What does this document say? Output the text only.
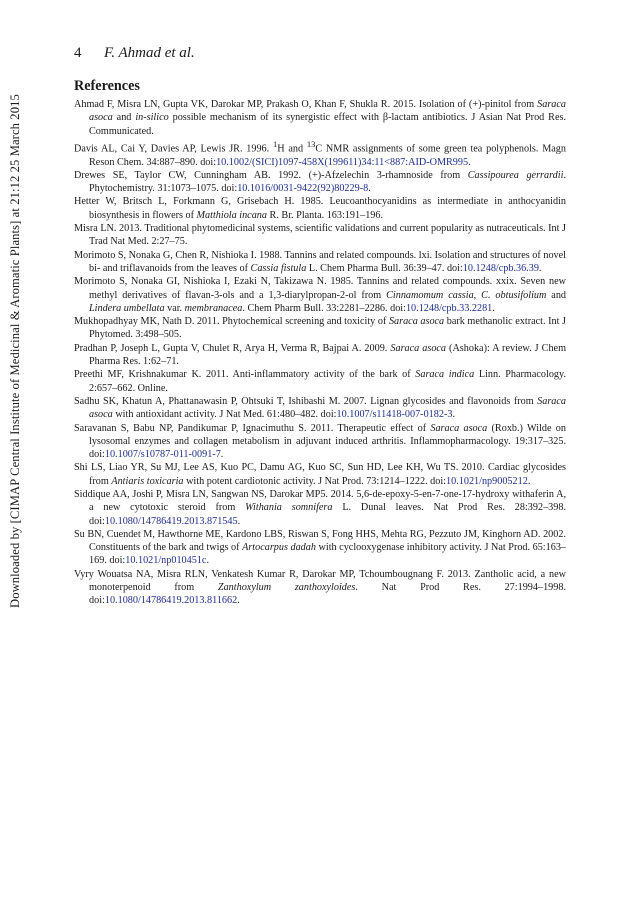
Downloaded by [CIMAP Central Institute of Medicinal & Aromatic Plants] at 21:12 25 March 2015
4 F. Ahmad et al.
References
Ahmad F, Misra LN, Gupta VK, Darokar MP, Prakash O, Khan F, Shukla R. 2015. Isolation of (+)-pinitol from Saraca asoca and in-silico possible mechanism of its synergistic effect with β-lactam antibiotics. J Asian Nat Prod Res. Communicated.
Davis AL, Cai Y, Davies AP, Lewis JR. 1996. $^1$H and $^{13}$C NMR assignments of some green tea polyphenols. Magn Reson Chem. 34:887–890. doi:10.1002/(SICI)1097-458X(199611)34:11<887:AID-OMR995.
Drewes SE, Taylor CW, Cunningham AB. 1992. (+)-Afzelechin 3-rhamnoside from Cassipourea gerrardii. Phytochemistry. 31:1073–1075. doi:10.1016/0031-9422(92)80229-8.
Hetter W, Britsch L, Forkmann G, Grisebach H. 1985. Leucoanthocyanidins as intermediate in anthocyanidin biosynthesis in flowers of Matthiola incana R. Br. Planta. 163:191–196.
Misra LN. 2013. Traditional phytomedicinal systems, scientific validations and current popularity as nutraceuticals. Int J Trad Nat Med. 2:27–75.
Morimoto S, Nonaka G, Chen R, Nishioka I. 1988. Tannins and related compounds. lxi. Isolation and structures of novel bi- and triflavanoids from the leaves of Cassia fistula L. Chem Pharma Bull. 36:39–47. doi:10.1248/cpb.36.39.
Morimoto S, Nonaka GI, Nishioka I, Ezaki N, Takizawa N. 1985. Tannins and related compounds. xxix. Seven new methyl derivatives of flavan-3-ols and a 1,3-diarylpropan-2-ol from Cinnamomum cassia, C. obtusifolium and Lindera umbellata var. membranacea. Chem Pharm Bull. 33:2281–2286. doi:10.1248/cpb.33.2281.
Mukhopadhyay MK, Nath D. 2011. Phytochemical screening and toxicity of Saraca asoca bark methanolic extract. Int J Phytomed. 3:498–505.
Pradhan P, Joseph L, Gupta V, Chulet R, Arya H, Verma R, Bajpai A. 2009. Saraca asoca (Ashoka): A review. J Chem Pharma Res. 1:62–71.
Preethi MF, Krishnakumar K. 2011. Anti-inflammatory activity of the bark of Saraca indica Linn. Pharmacology. 2:657–662. Online.
Sadhu SK, Khatun A, Phattanawasin P, Ohtsuki T, Ishibashi M. 2007. Lignan glycosides and flavonoids from Saraca asoca with antioxidant activity. J Nat Med. 61:480–482. doi:10.1007/s11418-007-0182-3.
Saravanan S, Babu NP, Pandikumar P, Ignacimuthu S. 2011. Therapeutic effect of Saraca asoca (Roxb.) Wilde on lysosomal enzymes and collagen metabolism in adjuvant induced arthritis. Inflammopharmacology. 19:317–325. doi:10.1007/s10787-011-0091-7.
Shi LS, Liao YR, Su MJ, Lee AS, Kuo PC, Damu AG, Kuo SC, Sun HD, Lee KH, Wu TS. 2010. Cardiac glycosides from Antiaris toxicaria with potent cardiotonic activity. J Nat Prod. 73:1214–1222. doi:10.1021/np9005212.
Siddique AA, Joshi P, Misra LN, Sangwan NS, Darokar MP5. 2014. 5,6-de-epoxy-5-en-7-one-17-hydroxy withaferin A, a new cytotoxic steroid from Withania somnifera L. Dunal leaves. Nat Prod Res. 28:392–398. doi:10.1080/14786419.2013.871545.
Su BN, Cuendet M, Hawthorne ME, Kardono LBS, Riswan S, Fong HHS, Mehta RG, Pezzuto JM, Kinghorn AD. 2002. Constituents of the bark and twigs of Artocarpus dadah with cyclooxygenase inhibitory activity. J Nat Prod. 65:163–169. doi:10.1021/np010451c.
Vyry Wouatsa NA, Misra RLN, Venkatesh Kumar R, Darokar MP, Tchoumbougnang F. 2013. Zantholic acid, a new monoterpenoid from Zanthoxylum zanthoxyloides. Nat Prod Res. 27:1994–1998. doi:10.1080/14786419.2013.811662.
